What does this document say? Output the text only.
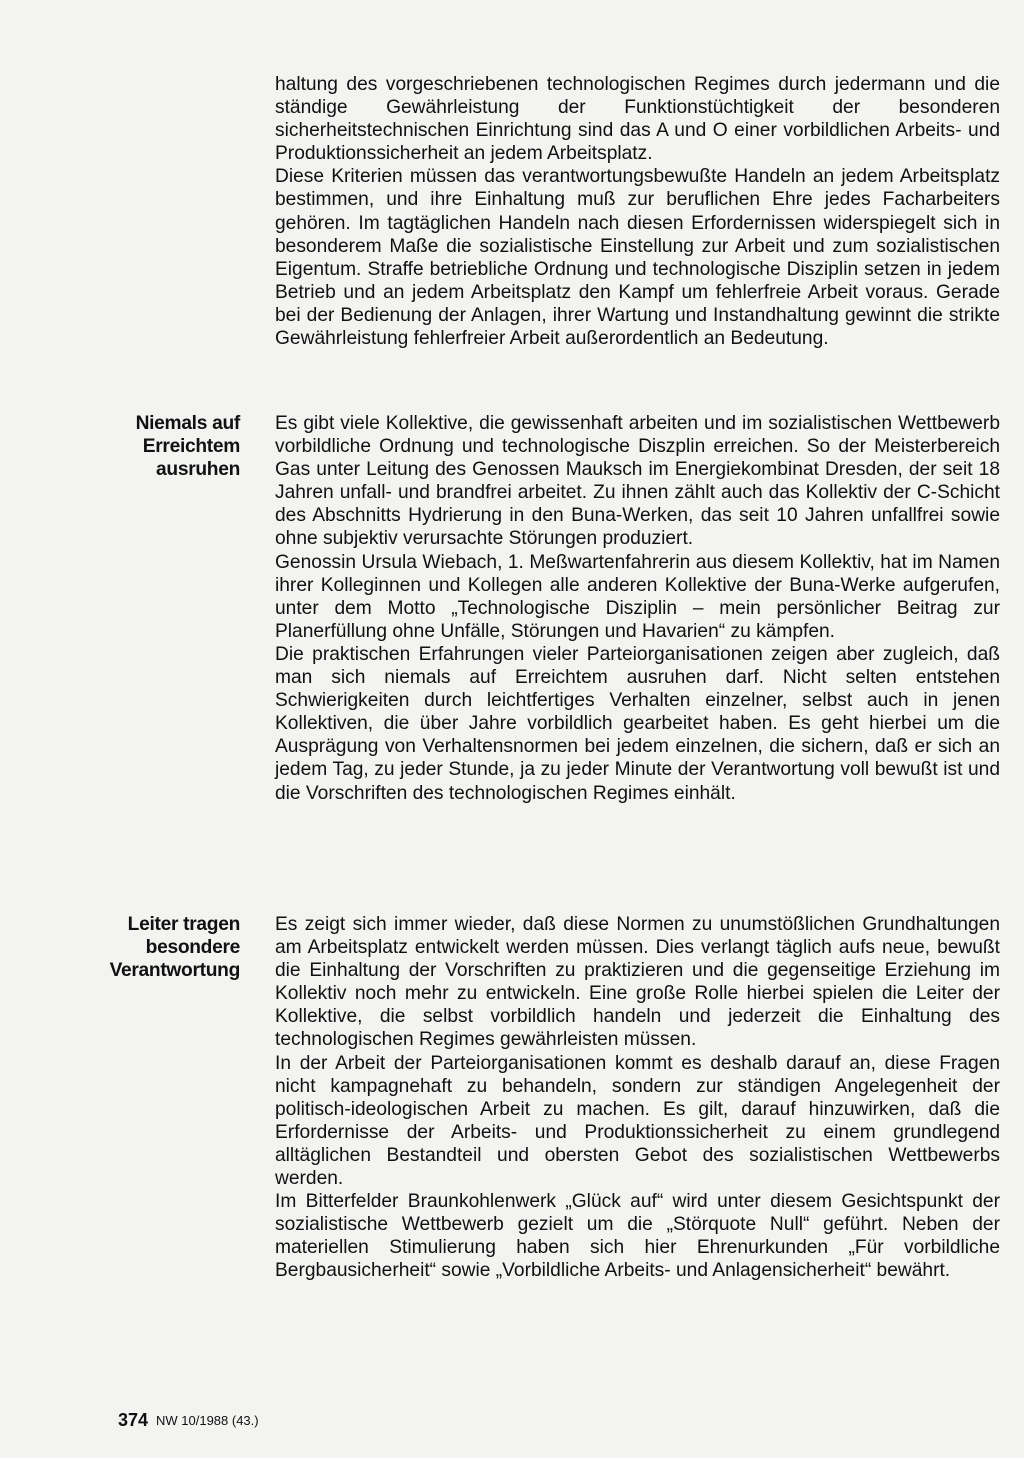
haltung des vorgeschriebenen technologischen Regimes durch jedermann und die ständige Gewährleistung der Funktionstüchtigkeit der besonderen sicherheitstechnischen Einrichtung sind das A und O einer vorbildlichen Arbeits- und Produktionssicherheit an jedem Arbeitsplatz.

Diese Kriterien müssen das verantwortungsbewußte Handeln an jedem Arbeitsplatz bestimmen, und ihre Einhaltung muß zur beruflichen Ehre jedes Facharbeiters gehören. Im tagtäglichen Handeln nach diesen Erfordernissen widerspiegelt sich in besonderem Maße die sozialistische Einstellung zur Arbeit und zum sozialistischen Eigentum. Straffe betriebliche Ordnung und technologische Disziplin setzen in jedem Betrieb und an jedem Arbeitsplatz den Kampf um fehlerfreie Arbeit voraus. Gerade bei der Bedienung der Anlagen, ihrer Wartung und Instandhaltung gewinnt die strikte Gewährleistung fehlerfreier Arbeit außerordentlich an Bedeutung.

Niemals auf
Erreichtem
ausruhen

Es gibt viele Kollektive, die gewissenhaft arbeiten und im sozialistischen Wettbewerb vorbildliche Ordnung und technologische Diszplin erreichen. So der Meisterbereich Gas unter Leitung des Genossen Mauksch im Energiekombinat Dresden, der seit 18 Jahren unfall- und brandfrei arbeitet. Zu ihnen zählt auch das Kollektiv der C-Schicht des Abschnitts Hydrierung in den Buna-Werken, das seit 10 Jahren unfallfrei sowie ohne subjektiv verursachte Störungen produziert.

Genossin Ursula Wiebach, 1. Meßwartenfahrerin aus diesem Kollektiv, hat im Namen ihrer Kolleginnen und Kollegen alle anderen Kollektive der Buna-Werke aufgerufen, unter dem Motto „Technologische Disziplin – mein persönlicher Beitrag zur Planerfüllung ohne Unfälle, Störungen und Havarien“ zu kämpfen.

Die praktischen Erfahrungen vieler Parteiorganisationen zeigen aber zugleich, daß man sich niemals auf Erreichtem ausruhen darf. Nicht selten entstehen Schwierigkeiten durch leichtfertiges Verhalten einzelner, selbst auch in jenen Kollektiven, die über Jahre vorbildlich gearbeitet haben. Es geht hierbei um die Ausprägung von Verhaltensnormen bei jedem einzelnen, die sichern, daß er sich an jedem Tag, zu jeder Stunde, ja zu jeder Minute der Verantwortung voll bewußt ist und die Vorschriften des technologischen Regimes einhält.

Leiter tragen
besondere
Verantwortung

Es zeigt sich immer wieder, daß diese Normen zu unumstößlichen Grundhaltungen am Arbeitsplatz entwickelt werden müssen. Dies verlangt täglich aufs neue, bewußt die Einhaltung der Vorschriften zu praktizieren und die gegenseitige Erziehung im Kollektiv noch mehr zu entwickeln. Eine große Rolle hierbei spielen die Leiter der Kollektive, die selbst vorbildlich handeln und jederzeit die Einhaltung des technologischen Regimes gewährleisten müssen.

In der Arbeit der Parteiorganisationen kommt es deshalb darauf an, diese Fragen nicht kampagnehaft zu behandeln, sondern zur ständigen Angelegenheit der politisch-ideologischen Arbeit zu machen. Es gilt, darauf hinzuwirken, daß die Erfordernisse der Arbeits- und Produktionssicherheit zu einem grundlegend alltäglichen Bestandteil und obersten Gebot des sozialistischen Wettbewerbs werden.

Im Bitterfelder Braunkohlenwerk „Glück auf“ wird unter diesem Gesichtspunkt der sozialistische Wettbewerb gezielt um die „Störquote Null“ geführt. Neben der materiellen Stimulierung haben sich hier Ehrenurkunden „Für vorbildliche Bergbausicherheit“ sowie „Vorbildliche Arbeits- und Anlagensicherheit“ bewährt.

374 NW 10/1988 (43.)
